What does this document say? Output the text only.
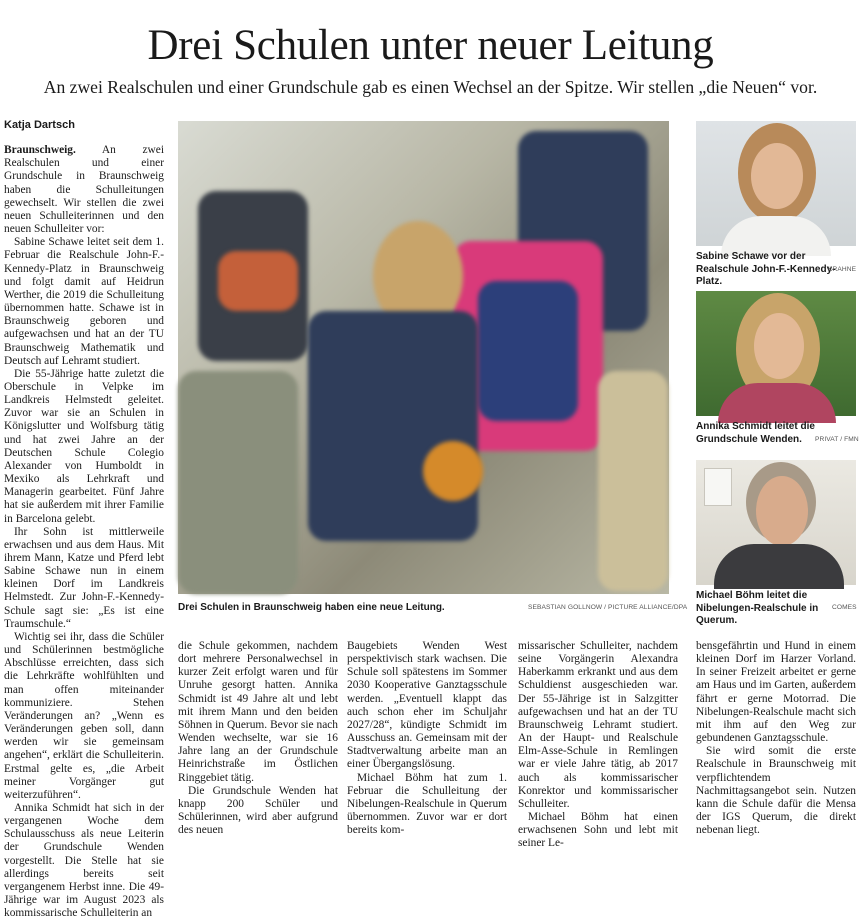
Drei Schulen unter neuer Leitung
An zwei Realschulen und einer Grundschule gab es einen Wechsel an der Spitze. Wir stellen „die Neuen“ vor.

Katja Dartsch

Braunschweig. An zwei Realschulen und einer Grundschule in Braunschweig haben die Schulleitungen gewechselt. Wir stellen die zwei neuen Schulleiterinnen und den neuen Schulleiter vor:

Sabine Schawe leitet seit dem 1. Februar die Realschule John-F.-Kennedy-Platz in Braunschweig und folgt damit auf Heidrun Werther, die 2019 die Schulleitung übernommen hatte. Schawe ist in Braunschweig geboren und aufgewachsen und hat an der TU Braunschweig Mathematik und Deutsch auf Lehramt studiert.

Die 55-Jährige hatte zuletzt die Oberschule in Velpke im Landkreis Helmstedt geleitet. Zuvor war sie an Schulen in Königslutter und Wolfsburg tätig und hat zwei Jahre an der Deutschen Schule Colegio Alexander von Humboldt in Mexiko als Lehrkraft und Managerin gearbeitet. Fünf Jahre hat sie außerdem mit ihrer Familie in Barcelona gelebt.

Ihr Sohn ist mittlerweile erwachsen und aus dem Haus. Mit ihrem Mann, Katze und Pferd lebt Sabine Schawe nun in einem kleinen Dorf im Landkreis Helmstedt. Zur John-F.-Kennedy-Schule sagt sie: „Es ist eine Traumschule.“

Wichtig sei ihr, dass die Schüler und Schülerinnen bestmögliche Abschlüsse erreichten, dass sich die Lehrkräfte wohlfühlten und man offen miteinander kommunizierе. Stehen Veränderungen an? „Wenn es Veränderungen geben soll, dann werden wir sie gemeinsam angehen“, erklärt die Schulleiterin. Erstmal gelte es, „die Arbeit meiner Vorgänger gut weiterzuführen“.

Annika Schmidt hat sich in der vergangenen Woche dem Schulausschuss als neue Leiterin der Grundschule Wenden vorgestellt. Die Stelle hat sie allerdings bereits seit vergangenem Herbst inne. Die 49-Jährige war im August 2023 als kommissarische Schulleiterin an

Drei Schulen in Braunschweig haben eine neue Leitung.	SEBASTIAN GOLLNOW / PICTURE ALLIANCE/DPA
Sabine Schawe vor der Realschule John-F.-Kennedy-Platz.
KRAHNE
Annika Schmidt leitet die Grundschule Wenden.	PRIVAT / FMN
Michael Böhm leitet die Nibelungen-Realschule in Querum.
COMES

die Schule gekommen, nachdem dort mehrere Personalwechsel in kurzer Zeit erfolgt waren und für Unruhe gesorgt hatten. Annika Schmidt ist 49 Jahre alt und lebt mit ihrem Mann und den beiden Söhnen in Querum. Bevor sie nach Wenden wechselte, war sie 16 Jahre lang an der Grundschule Heinrichstraße im Östlichen Ringgebiet tätig.

Die Grundschule Wenden hat knapp 200 Schüler und Schülerinnen, wird aber aufgrund des neuen

Baugebiets Wenden West perspektivisch stark wachsen. Die Schule soll spätestens im Sommer 2030 Kooperative Ganztagsschule werden. „Eventuell klappt das auch schon eher im Schuljahr 2027/28“, kündigte Schmidt im Ausschuss an. Gemeinsam mit der Stadtverwaltung arbeite man an einer Übergangslösung.

Michael Böhm hat zum 1. Februar die Schulleitung der Nibelungen-Realschule in Querum übernommen. Zuvor war er dort bereits kom-

missarischer Schulleiter, nachdem seine Vorgängerin Alexandra Haberkamm erkrankt und aus dem Schuldienst ausgeschieden war. Der 55-Jährige ist in Salzgitter aufgewachsen und hat an der TU Braunschweig Lehramt studiert. An der Haupt- und Realschule Elm-Asse-Schule in Remlingen war er viele Jahre tätig, ab 2017 auch als kommissarischer Konrektor und kommissarischer Schulleiter.

Michael Böhm hat einen erwachsenen Sohn und lebt mit seiner Le-

bensgefährtin und Hund in einem kleinen Dorf im Harzer Vorland. In seiner Freizeit arbeitet er gerne am Haus und im Garten, außerdem fährt er gerne Motorrad. Die Nibelungen-Realschule macht sich mit ihm auf den Weg zur gebundenen Ganztagsschule.

Sie wird somit die erste Realschule in Braunschweig mit verpflichtendem Nachmittagsangebot sein. Nutzen kann die Schule dafür die Mensa der IGS Querum, die direkt nebenan liegt.
